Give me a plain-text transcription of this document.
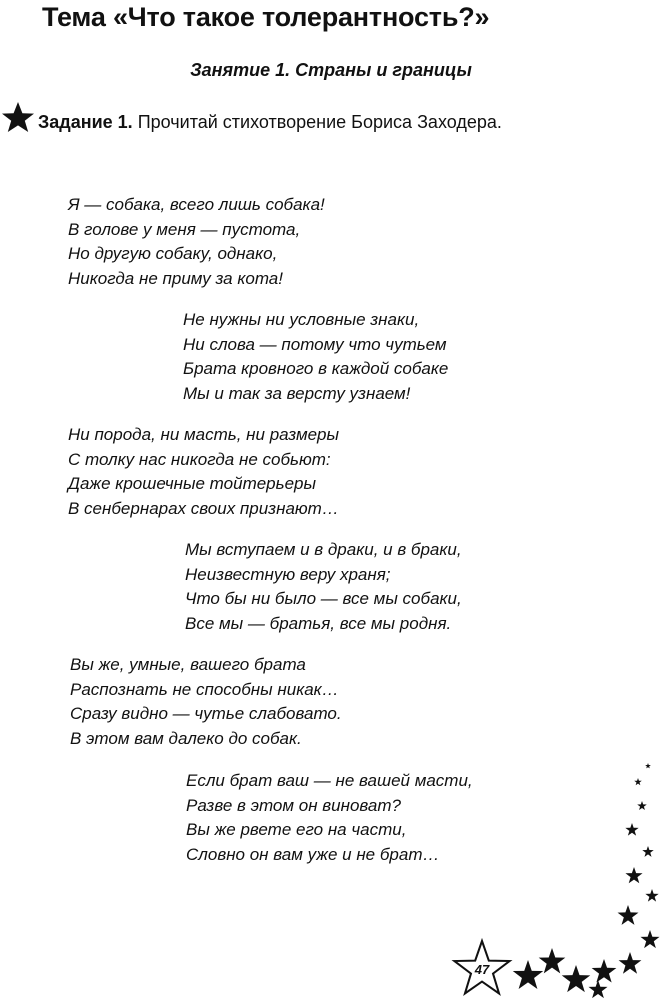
Тема «Что такое толерантность?»
Занятие 1. Страны и границы
Задание 1. Прочитай стихотворение Бориса Заходера.
Я — собака, всего лишь собака!
В голове у меня — пустота,
Но другую собаку, однако,
Никогда не приму за кота!
Не нужны ни условные знаки,
Ни слова — потому что чутьем
Брата кровного в каждой собаке
Мы и так за версту узнаем!
Ни порода, ни масть, ни размеры
С толку нас никогда не собьют:
Даже крошечные тойтерьеры
В сенбернарах своих признают…
Мы вступаем и в драки, и в браки,
Неизвестную веру храня;
Что бы ни было — все мы собаки,
Все мы — братья, все мы родня.
Вы же, умные, вашего брата
Распознать не способны никак…
Сразу видно — чутье слабовато.
В этом вам далеко до собак.
Если брат ваш — не вашей масти,
Разве в этом он виноват?
Вы же рвете его на части,
Словно он вам уже и не брат…
47
